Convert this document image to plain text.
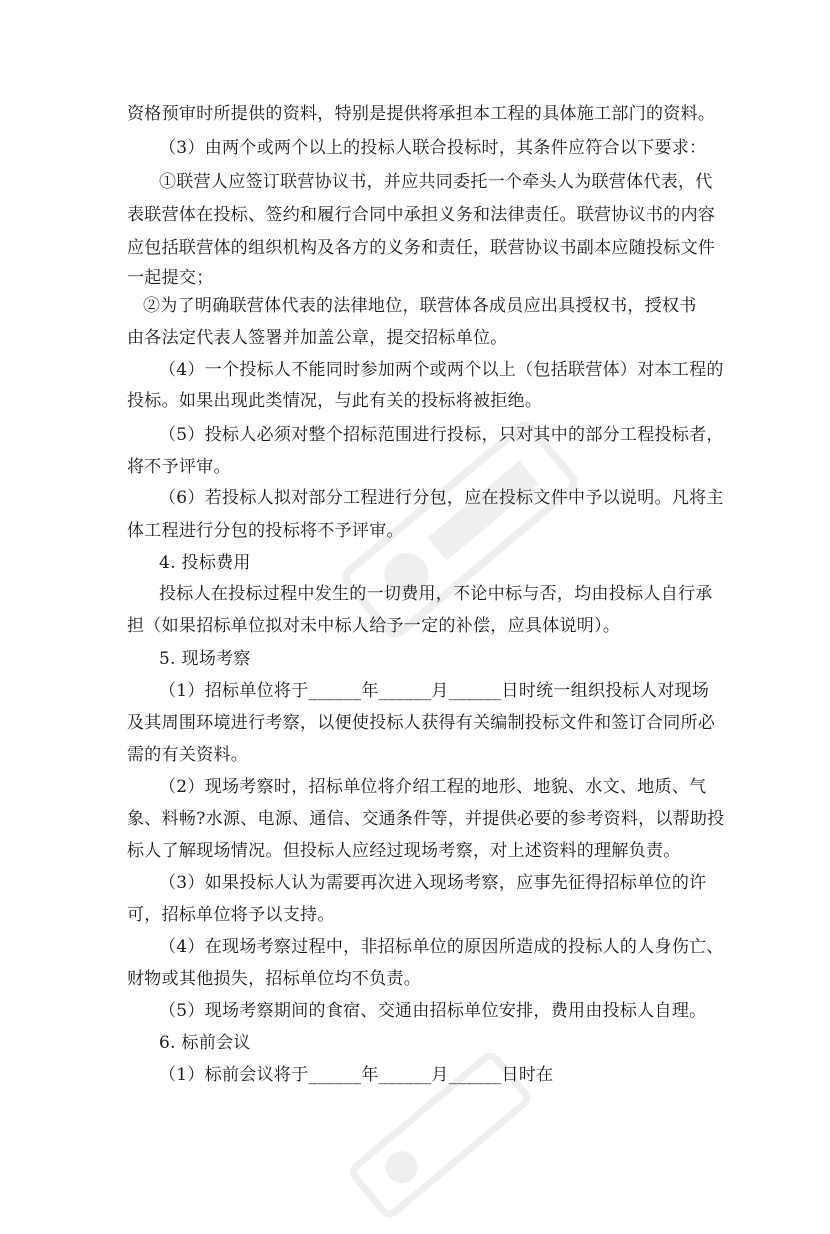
资格预审时所提供的资料，特别是提供将承担本工程的具体施工部门的资料。
（3）由两个或两个以上的投标人联合投标时，其条件应符合以下要求：
①联营人应签订联营协议书，并应共同委托一个牵头人为联营体代表，代
表联营体在投标、签约和履行合同中承担义务和法律责任。联营协议书的内容
应包括联营体的组织机构及各方的义务和责任，联营协议书副本应随投标文件
一起提交；
②为了明确联营体代表的法律地位，联营体各成员应出具授权书，授权书
由各法定代表人签署并加盖公章，提交招标单位。
（4）一个投标人不能同时参加两个或两个以上（包括联营体）对本工程的
投标。如果出现此类情况，与此有关的投标将被拒绝。
（5）投标人必须对整个招标范围进行投标，只对其中的部分工程投标者，
将不予评审。
（6）若投标人拟对部分工程进行分包，应在投标文件中予以说明。凡将主
体工程进行分包的投标将不予评审。
4. 投标费用
投标人在投标过程中发生的一切费用，不论中标与否，均由投标人自行承
担（如果招标单位拟对未中标人给予一定的补偿，应具体说明）。
5. 现场考察
（1）招标单位将于______年______月______日时统一组织投标人对现场
及其周围环境进行考察，以便使投标人获得有关编制投标文件和签订合同所必
需的有关资料。
（2）现场考察时，招标单位将介绍工程的地形、地貌、水文、地质、气
象、料畅?水源、电源、通信、交通条件等，并提供必要的参考资料，以帮助投
标人了解现场情况。但投标人应经过现场考察，对上述资料的理解负责。
（3）如果投标人认为需要再次进入现场考察，应事先征得招标单位的许
可，招标单位将予以支持。
（4）在现场考察过程中，非招标单位的原因所造成的投标人的人身伤亡、
财物或其他损失，招标单位均不负责。
（5）现场考察期间的食宿、交通由招标单位安排，费用由投标人自理。
6. 标前会议
（1）标前会议将于______年______月______日时在
